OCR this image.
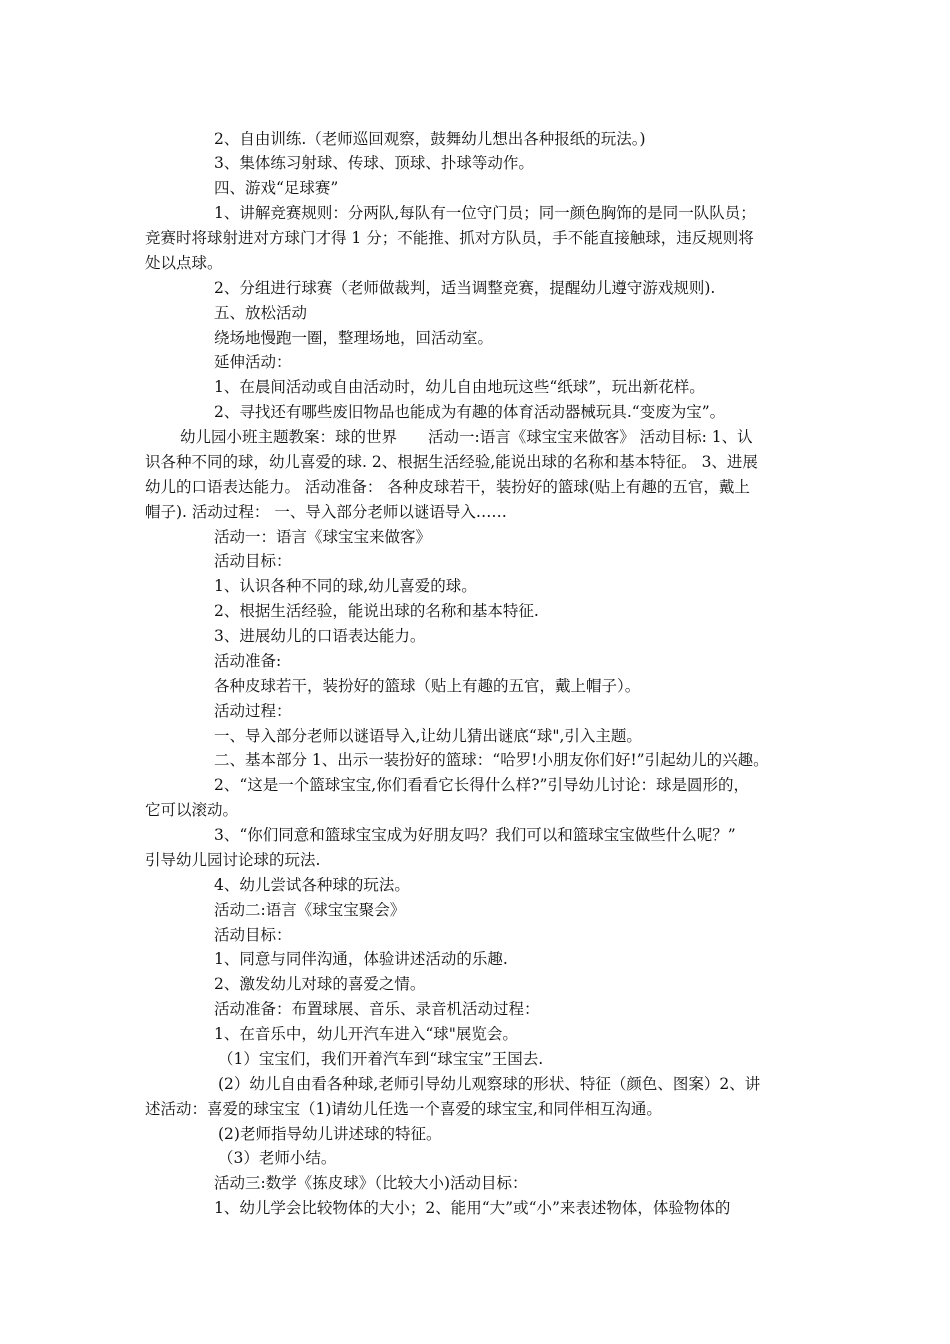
2、自由训练.（老师巡回观察，鼓舞幼儿想出各种报纸的玩法。)
3、集体练习射球、传球、顶球、扑球等动作。
四、游戏“足球赛”
1、讲解竞赛规则：分两队,每队有一位守门员；同一颜色胸饰的是同一队队员；
竞赛时将球射进对方球门才得 1 分；不能推、抓对方队员，手不能直接触球，违反规则将
处以点球。
2、分组进行球赛（老师做裁判，适当调整竞赛，提醒幼儿遵守游戏规则).
五、放松活动
绕场地慢跑一圈，整理场地，回活动室。
延伸活动：
1、在晨间活动或自由活动时，幼儿自由地玩这些“纸球”，玩出新花样。
2、寻找还有哪些废旧物品也能成为有趣的体育活动器械玩具.“变废为宝”。
幼儿园小班主题教案：球的世界　　活动一:语言《球宝宝来做客》 活动目标: 1、认
识各种不同的球，幼儿喜爱的球. 2、根据生活经验,能说出球的名称和基本特征。 3、进展
幼儿的口语表达能力。 活动准备： 各种皮球若干，装扮好的篮球(贴上有趣的五官，戴上
帽子). 活动过程： 一、导入部分老师以谜语导入……
活动一：语言《球宝宝来做客》
活动目标：
1、认识各种不同的球,幼儿喜爱的球。
2、根据生活经验，能说出球的名称和基本特征.
3、进展幼儿的口语表达能力。
活动准备:
各种皮球若干，装扮好的篮球（贴上有趣的五官，戴上帽子）。
活动过程：
一、导入部分老师以谜语导入,让幼儿猜出谜底“球",引入主题。
二、基本部分 1、出示一装扮好的篮球：“哈罗!小朋友你们好!”引起幼儿的兴趣。
2、“这是一个篮球宝宝,你们看看它长得什么样?”引导幼儿讨论：球是圆形的，
它可以滚动。
3、“你们同意和篮球宝宝成为好朋友吗？我们可以和篮球宝宝做些什么呢？”
引导幼儿园讨论球的玩法.
4、幼儿尝试各种球的玩法。
活动二:语言《球宝宝聚会》
活动目标：
1、同意与同伴沟通，体验讲述活动的乐趣.
2、激发幼儿对球的喜爱之情。
活动准备：布置球展、音乐、录音机活动过程：
1、在音乐中，幼儿开汽车进入“球"展览会。
（1）宝宝们，我们开着汽车到“球宝宝”王国去.
(2）幼儿自由看各种球,老师引导幼儿观察球的形状、特征（颜色、图案）2、讲
述活动：喜爱的球宝宝（1)请幼儿任选一个喜爱的球宝宝,和同伴相互沟通。
(2)老师指导幼儿讲述球的特征。
（3）老师小结。
活动三:数学《拣皮球》（比较大小)活动目标：
1、幼儿学会比较物体的大小；2、能用“大”或“小”来表述物体，体验物体的
